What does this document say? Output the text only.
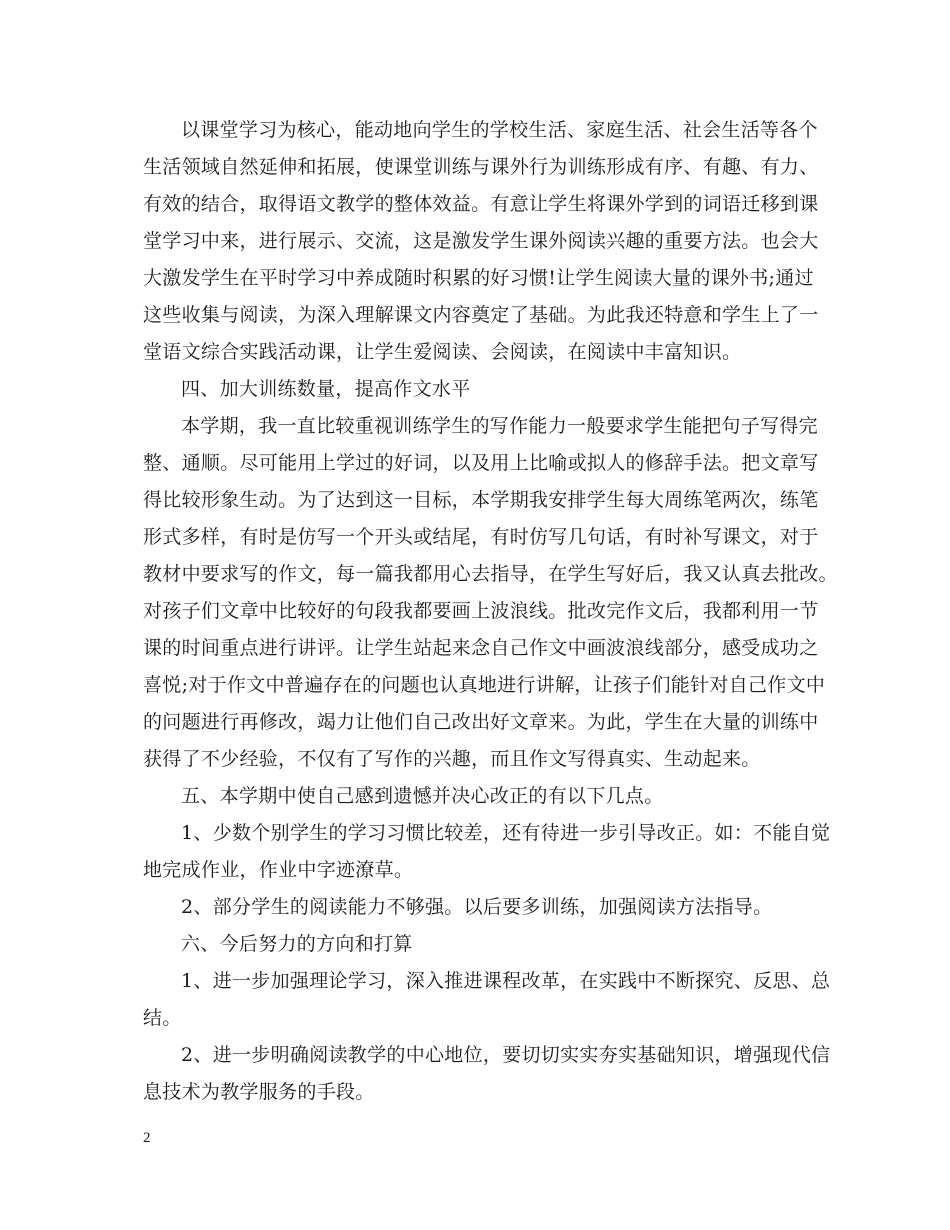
以课堂学习为核心，能动地向学生的学校生活、家庭生活、社会生活等各个
生活领域自然延伸和拓展，使课堂训练与课外行为训练形成有序、有趣、有力、
有效的结合，取得语文教学的整体效益。有意让学生将课外学到的词语迁移到课
堂学习中来，进行展示、交流，这是激发学生课外阅读兴趣的重要方法。也会大
大激发学生在平时学习中养成随时积累的好习惯!让学生阅读大量的课外书;通过
这些收集与阅读，为深入理解课文内容奠定了基础。为此我还特意和学生上了一
堂语文综合实践活动课，让学生爱阅读、会阅读，在阅读中丰富知识。
四、加大训练数量，提高作文水平
本学期，我一直比较重视训练学生的写作能力一般要求学生能把句子写得完
整、通顺。尽可能用上学过的好词，以及用上比喻或拟人的修辞手法。把文章写
得比较形象生动。为了达到这一目标，本学期我安排学生每大周练笔两次，练笔
形式多样，有时是仿写一个开头或结尾，有时仿写几句话，有时补写课文，对于
教材中要求写的作文，每一篇我都用心去指导，在学生写好后，我又认真去批改。
对孩子们文章中比较好的句段我都要画上波浪线。批改完作文后，我都利用一节
课的时间重点进行讲评。让学生站起来念自己作文中画波浪线部分，感受成功之
喜悦;对于作文中普遍存在的问题也认真地进行讲解，让孩子们能针对自己作文中
的问题进行再修改，竭力让他们自己改出好文章来。为此，学生在大量的训练中
获得了不少经验，不仅有了写作的兴趣，而且作文写得真实、生动起来。
五、本学期中使自己感到遗憾并决心改正的有以下几点。
1、少数个别学生的学习习惯比较差，还有待进一步引导改正。如：不能自觉
地完成作业，作业中字迹潦草。
2、部分学生的阅读能力不够强。以后要多训练，加强阅读方法指导。
六、今后努力的方向和打算
1、进一步加强理论学习，深入推进课程改革，在实践中不断探究、反思、总
结。
2、进一步明确阅读教学的中心地位，要切切实实夯实基础知识，增强现代信
息技术为教学服务的手段。
2
